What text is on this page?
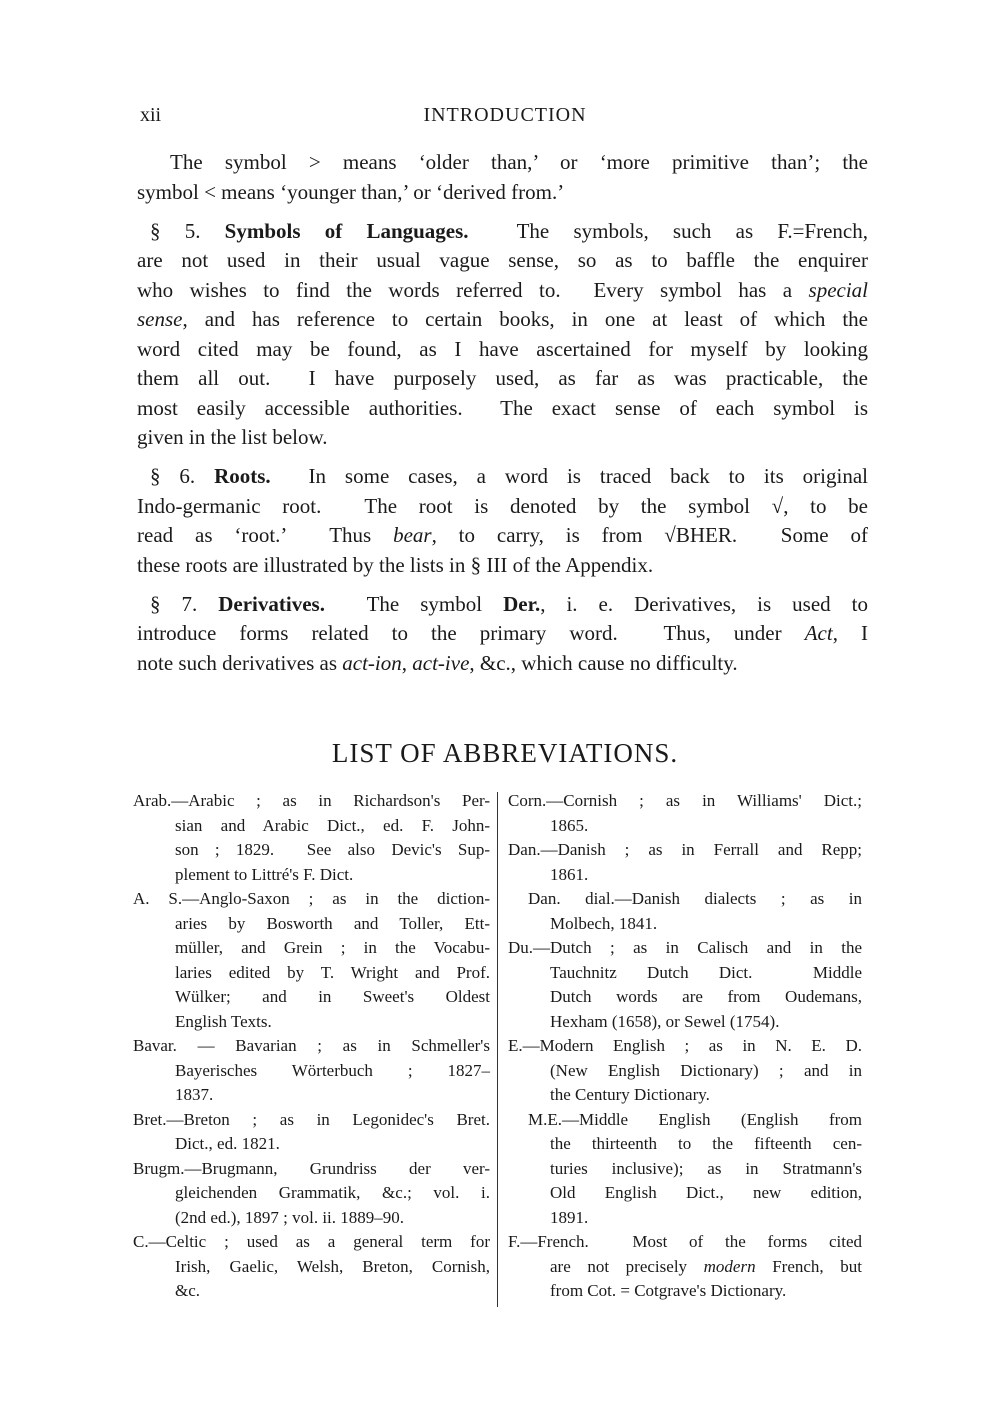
xii	INTRODUCTION
The symbol > means ‘older than,’ or ‘more primitive than’; the
symbol < means ‘younger than,’ or ‘derived from.’
§ 5. Symbols of Languages.  The symbols, such as F.=French,
are not used in their usual vague sense, so as to baffle the enquirer
who wishes to find the words referred to.  Every symbol has a special
sense, and has reference to certain books, in one at least of which the
word cited may be found, as I have ascertained for myself by looking
them all out.  I have purposely used, as far as was practicable, the
most easily accessible authorities.  The exact sense of each symbol is
given in the list below.
§ 6. Roots.  In some cases, a word is traced back to its original
Indo-germanic root.  The root is denoted by the symbol √, to be
read as ‘root.’  Thus bear, to carry, is from √BHER.  Some of
these roots are illustrated by the lists in § III of the Appendix.
§ 7. Derivatives.  The symbol Der., i. e. Derivatives, is used to
introduce forms related to the primary word.  Thus, under Act, I
note such derivatives as act-ion, act-ive, &c., which cause no difficulty.
LIST OF ABBREVIATIONS.
Arab.—Arabic ; as in Richardson's Per-
sian and Arabic Dict., ed. F. John-
son ; 1829.  See also Devic's Sup-
plement to Littré's F. Dict.
A. S.—Anglo-Saxon ; as in the diction-
aries by Bosworth and Toller, Ett-
müller, and Grein ; in the Vocabu-
laries edited by T. Wright and Prof.
Wülker; and in Sweet's Oldest
English Texts.
Bavar. — Bavarian ; as in Schmeller's
Bayerisches Wörterbuch ; 1827–
1837.
Bret.—Breton ; as in Legonidec's Bret.
Dict., ed. 1821.
Brugm.—Brugmann, Grundriss der ver-
gleichenden Grammatik, &c.; vol. i.
(2nd ed.), 1897 ; vol. ii. 1889–90.
C.—Celtic ; used as a general term for
Irish, Gaelic, Welsh, Breton, Cornish,
&c.
Corn.—Cornish ; as in Williams' Dict.;
1865.
Dan.—Danish ; as in Ferrall and Repp;
1861.
Dan. dial.—Danish dialects ; as in
Molbech, 1841.
Du.—Dutch ; as in Calisch and in the
Tauchnitz Dutch Dict.  Middle
Dutch words are from Oudemans,
Hexham (1658), or Sewel (1754).
E.—Modern English ; as in N. E. D.
(New English Dictionary) ; and in
the Century Dictionary.
M.E.—Middle English (English from
the thirteenth to the fifteenth cen-
turies inclusive); as in Stratmann's
Old English Dict., new edition,
1891.
F.—French.  Most of the forms cited
are not precisely modern French, but
from Cot. = Cotgrave's Dictionary.
